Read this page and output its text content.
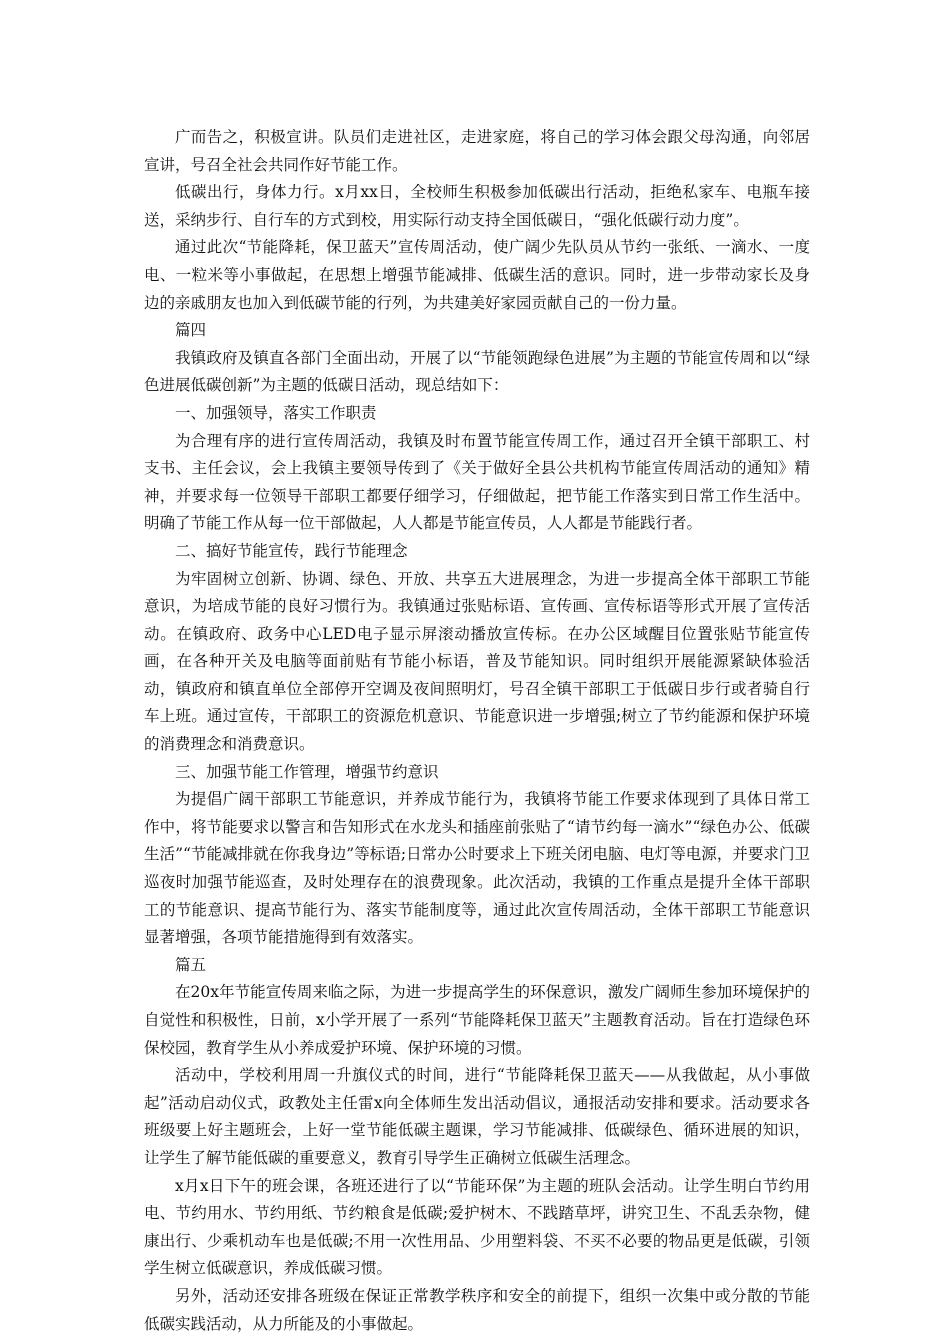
广而告之，积极宣讲。队员们走进社区，走进家庭，将自己的学习体会跟父母沟通，向邻居宣讲，号召全社会共同作好节能工作。

低碳出行，身体力行。x月xx日，全校师生积极参加低碳出行活动，拒绝私家车、电瓶车接送，采纳步行、自行车的方式到校，用实际行动支持全国低碳日，“强化低碳行动力度”。

通过此次“节能降耗，保卫蓝天”宣传周活动，使广阔少先队员从节约一张纸、一滴水、一度电、一粒米等小事做起，在思想上增强节能减排、低碳生活的意识。同时，进一步带动家长及身边的亲戚朋友也加入到低碳节能的行列，为共建美好家园贡献自己的一份力量。

篇四

我镇政府及镇直各部门全面出动，开展了以“节能领跑绿色进展”为主题的节能宣传周和以“绿色进展低碳创新”为主题的低碳日活动，现总结如下：

一、加强领导，落实工作职责

为合理有序的进行宣传周活动，我镇及时布置节能宣传周工作，通过召开全镇干部职工、村支书、主任会议，会上我镇主要领导传到了《关于做好全县公共机构节能宣传周活动的通知》精神，并要求每一位领导干部职工都要仔细学习，仔细做起，把节能工作落实到日常工作生活中。明确了节能工作从每一位干部做起，人人都是节能宣传员，人人都是节能践行者。

二、搞好节能宣传，践行节能理念

为牢固树立创新、协调、绿色、开放、共享五大进展理念，为进一步提高全体干部职工节能意识，为培成节能的良好习惯行为。我镇通过张贴标语、宣传画、宣传标语等形式开展了宣传活动。在镇政府、政务中心LED电子显示屏滚动播放宣传标。在办公区域醒目位置张贴节能宣传画，在各种开关及电脑等面前贴有节能小标语，普及节能知识。同时组织开展能源紧缺体验活动，镇政府和镇直单位全部停开空调及夜间照明灯，号召全镇干部职工于低碳日步行或者骑自行车上班。通过宣传，干部职工的资源危机意识、节能意识进一步增强;树立了节约能源和保护环境的消费理念和消费意识。

三、加强节能工作管理，增强节约意识

为提倡广阔干部职工节能意识，并养成节能行为，我镇将节能工作要求体现到了具体日常工作中，将节能要求以警言和告知形式在水龙头和插座前张贴了“请节约每一滴水”“绿色办公、低碳生活”“节能减排就在你我身边”等标语;日常办公时要求上下班关闭电脑、电灯等电源，并要求门卫巡夜时加强节能巡查，及时处理存在的浪费现象。此次活动，我镇的工作重点是提升全体干部职工的节能意识、提高节能行为、落实节能制度等，通过此次宣传周活动，全体干部职工节能意识显著增强，各项节能措施得到有效落实。

篇五

在20x年节能宣传周来临之际，为进一步提高学生的环保意识，激发广阔师生参加环境保护的自觉性和积极性，日前，x小学开展了一系列“节能降耗保卫蓝天”主题教育活动。旨在打造绿色环保校园，教育学生从小养成爱护环境、保护环境的习惯。

活动中，学校利用周一升旗仪式的时间，进行“节能降耗保卫蓝天——从我做起，从小事做起”活动启动仪式，政教处主任雷x向全体师生发出活动倡议，通报活动安排和要求。活动要求各班级要上好主题班会，上好一堂节能低碳主题课，学习节能减排、低碳绿色、循环进展的知识，让学生了解节能低碳的重要意义，教育引导学生正确树立低碳生活理念。

x月x日下午的班会课，各班还进行了以“节能环保”为主题的班队会活动。让学生明白节约用电、节约用水、节约用纸、节约粮食是低碳;爱护树木、不践踏草坪，讲究卫生、不乱丢杂物，健康出行、少乘机动车也是低碳;不用一次性用品、少用塑料袋、不买不必要的物品更是低碳，引领学生树立低碳意识，养成低碳习惯。

另外，活动还安排各班级在保证正常教学秩序和安全的前提下，组织一次集中或分散的节能低碳实践活动，从力所能及的小事做起。
